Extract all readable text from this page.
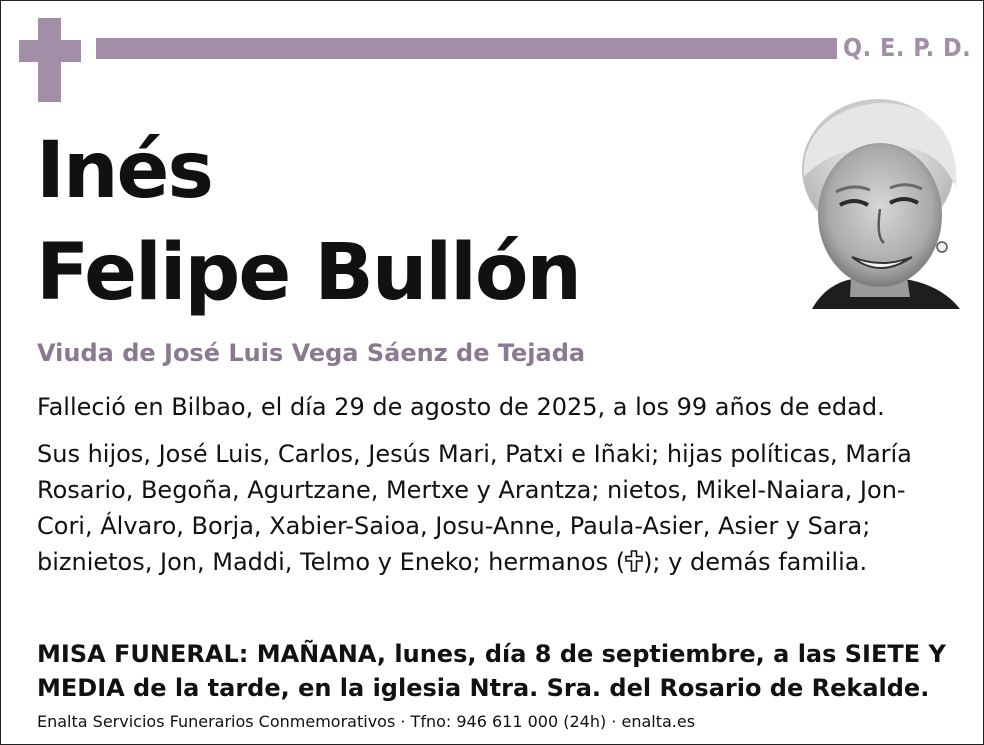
Q. E. P. D.
Inés
Felipe Bullón
Viuda de José Luis Vega Sáenz de Tejada
Falleció en Bilbao, el día 29 de agosto de 2025, a los 99 años de edad.
Sus hijos, José Luis, Carlos, Jesús Mari, Patxi e Iñaki; hijas políticas, María Rosario, Begoña, Agurtzane, Mertxe y Arantza; nietos, Mikel-Naiara, Jon-Cori, Álvaro, Borja, Xabier-Saioa, Josu-Anne, Paula-Asier, Asier y Sara; biznietos, Jon, Maddi, Telmo y Eneko; hermanos ( ); y demás familia.
MISA FUNERAL: MAÑANA, lunes, día 8 de septiembre, a las SIETE Y MEDIA de la tarde, en la iglesia Ntra. Sra. del Rosario de Rekalde.
Enalta Servicios Funerarios Conmemorativos · Tfno: 946 611 000 (24h) · enalta.es
